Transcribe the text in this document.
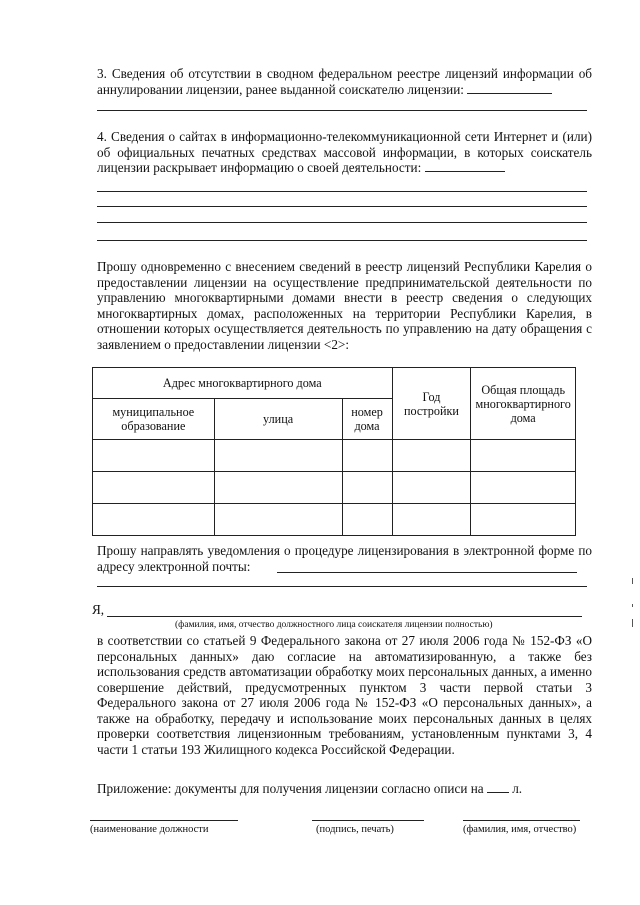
3. Сведения об отсутствии в сводном федеральном реестре лицензий информации об аннулировании лицензии, ранее выданной соискателю лицензии:
4. Сведения о сайтах в информационно-телекоммуникационной сети Интернет и (или) об официальных печатных средствах массовой информации, в которых соискатель лицензии раскрывает информацию о своей деятельности:
Прошу одновременно с внесением сведений в реестр лицензий Республики Карелия о предоставлении лицензии на осуществление предпринимательской деятельности по управлению многоквартирными домами внести в реестр сведения о следующих многоквартирных домах, расположенных на территории Республики Карелия, в отношении которых осуществляется деятельность по управлению на дату обращения с заявлением о предоставлении лицензии <2>:
Адрес многоквартирного дома			Год постройки	Общая площадь многоквартирного дома
муниципальное образование	улица	номер дома		

Прошу направлять уведомления о процедуре лицензирования в электронной форме по адресу электронной почты:
Я,
(фамилия, имя, отчество должностного лица соискателя лицензии полностью)
в соответствии со статьей 9 Федерального закона от 27 июля 2006 года № 152-ФЗ «О персональных данных» даю согласие на автоматизированную, а также без использования средств автоматизации обработку моих персональных данных, а именно совершение действий, предусмотренных пунктом 3 части первой статьи 3 Федерального закона от 27 июля 2006 года № 152-ФЗ «О персональных данных», а также на обработку, передачу и использование моих персональных данных в целях проверки соответствия лицензионным требованиям, установленным пунктами 3, 4 части 1 статьи 193 Жилищного кодекса Российской Федерации.
Приложение: документы для получения лицензии согласно описи на л.
(наименование должности	(подпись, печать)	(фамилия, имя, отчество)
